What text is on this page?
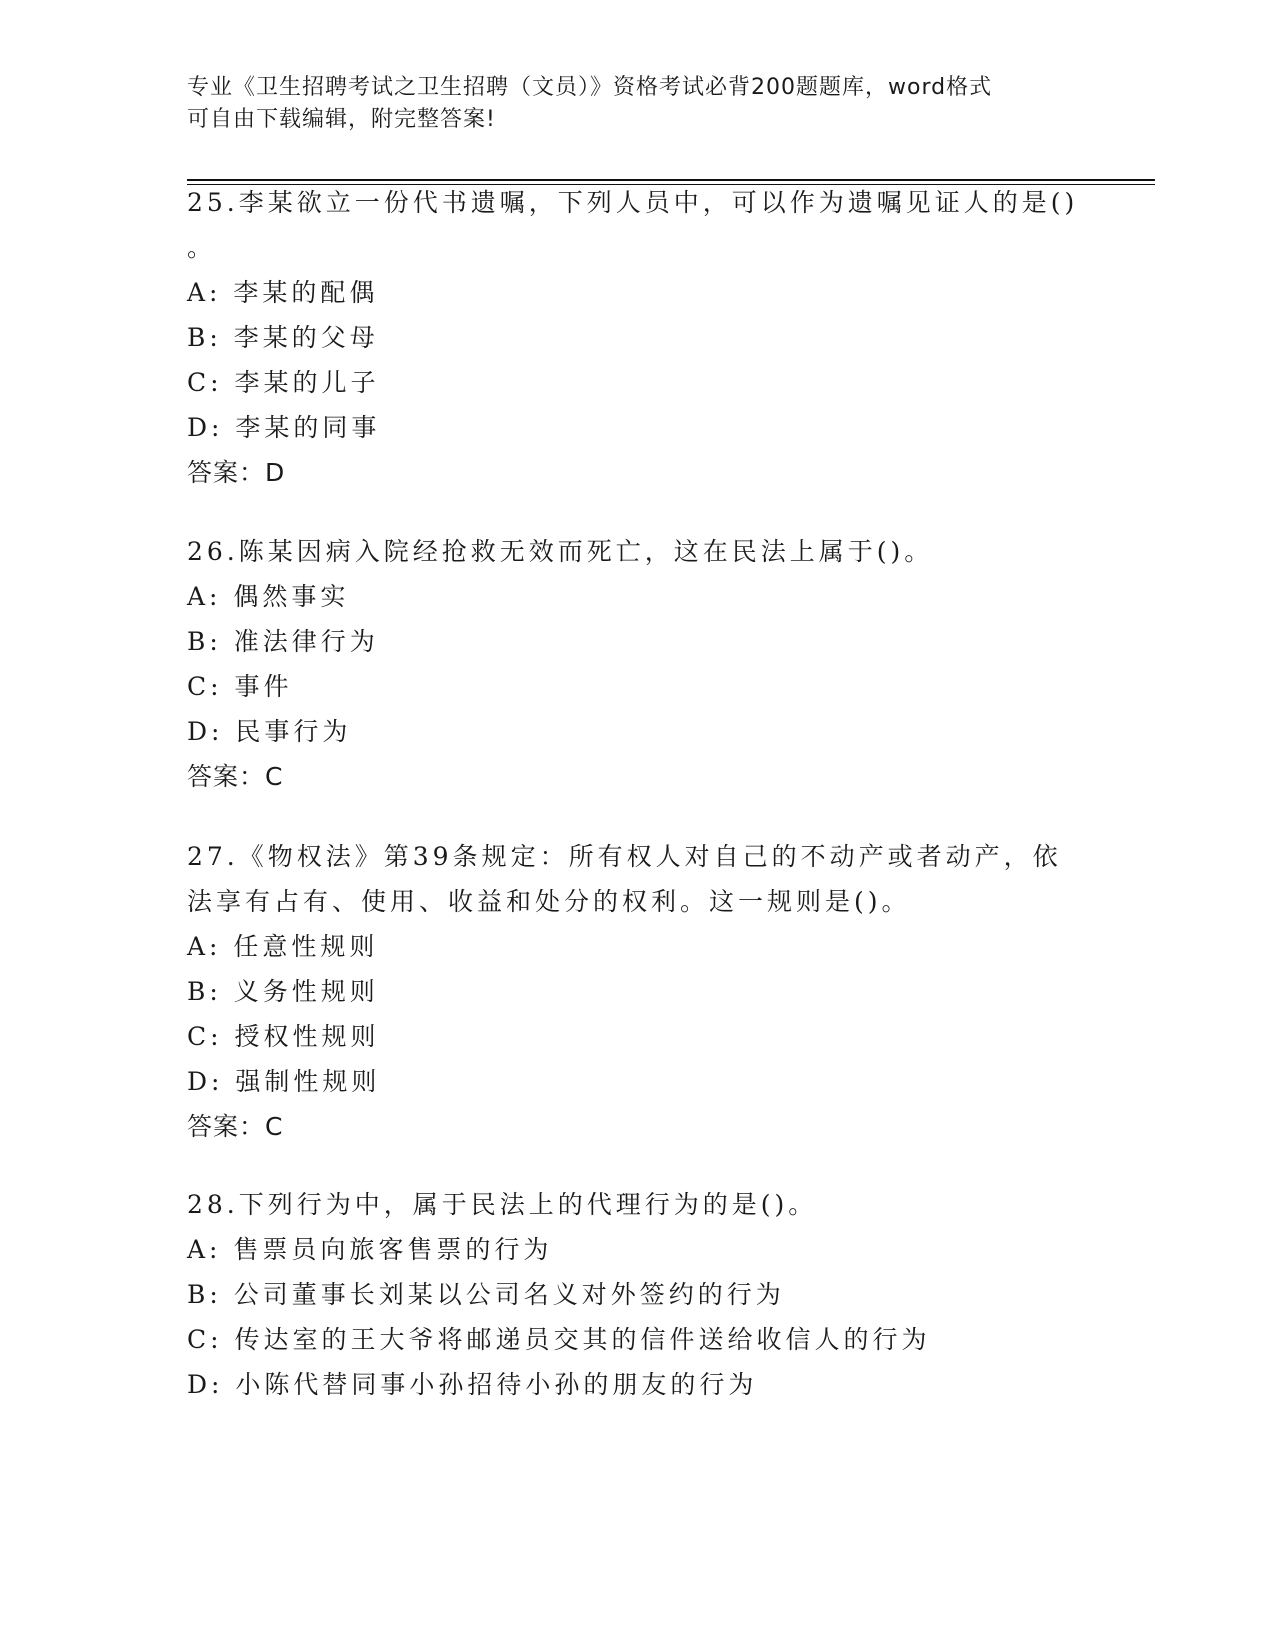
专业《卫生招聘考试之卫生招聘（文员）》资格考试必背200题题库，word格式
可自由下载编辑，附完整答案!
25.李某欲立一份代书遗嘱，下列人员中，可以作为遗嘱见证人的是()
。
A: 李某的配偶
B: 李某的父母
C: 李某的儿子
D: 李某的同事
答案：D
26.陈某因病入院经抢救无效而死亡，这在民法上属于()。
A: 偶然事实
B: 准法律行为
C: 事件
D: 民事行为
答案：C
27.《物权法》第39条规定：所有权人对自己的不动产或者动产，依
法享有占有、使用、收益和处分的权利。这一规则是()。
A: 任意性规则
B: 义务性规则
C: 授权性规则
D: 强制性规则
答案：C
28.下列行为中，属于民法上的代理行为的是()。
A: 售票员向旅客售票的行为
B: 公司董事长刘某以公司名义对外签约的行为
C: 传达室的王大爷将邮递员交其的信件送给收信人的行为
D: 小陈代替同事小孙招待小孙的朋友的行为
